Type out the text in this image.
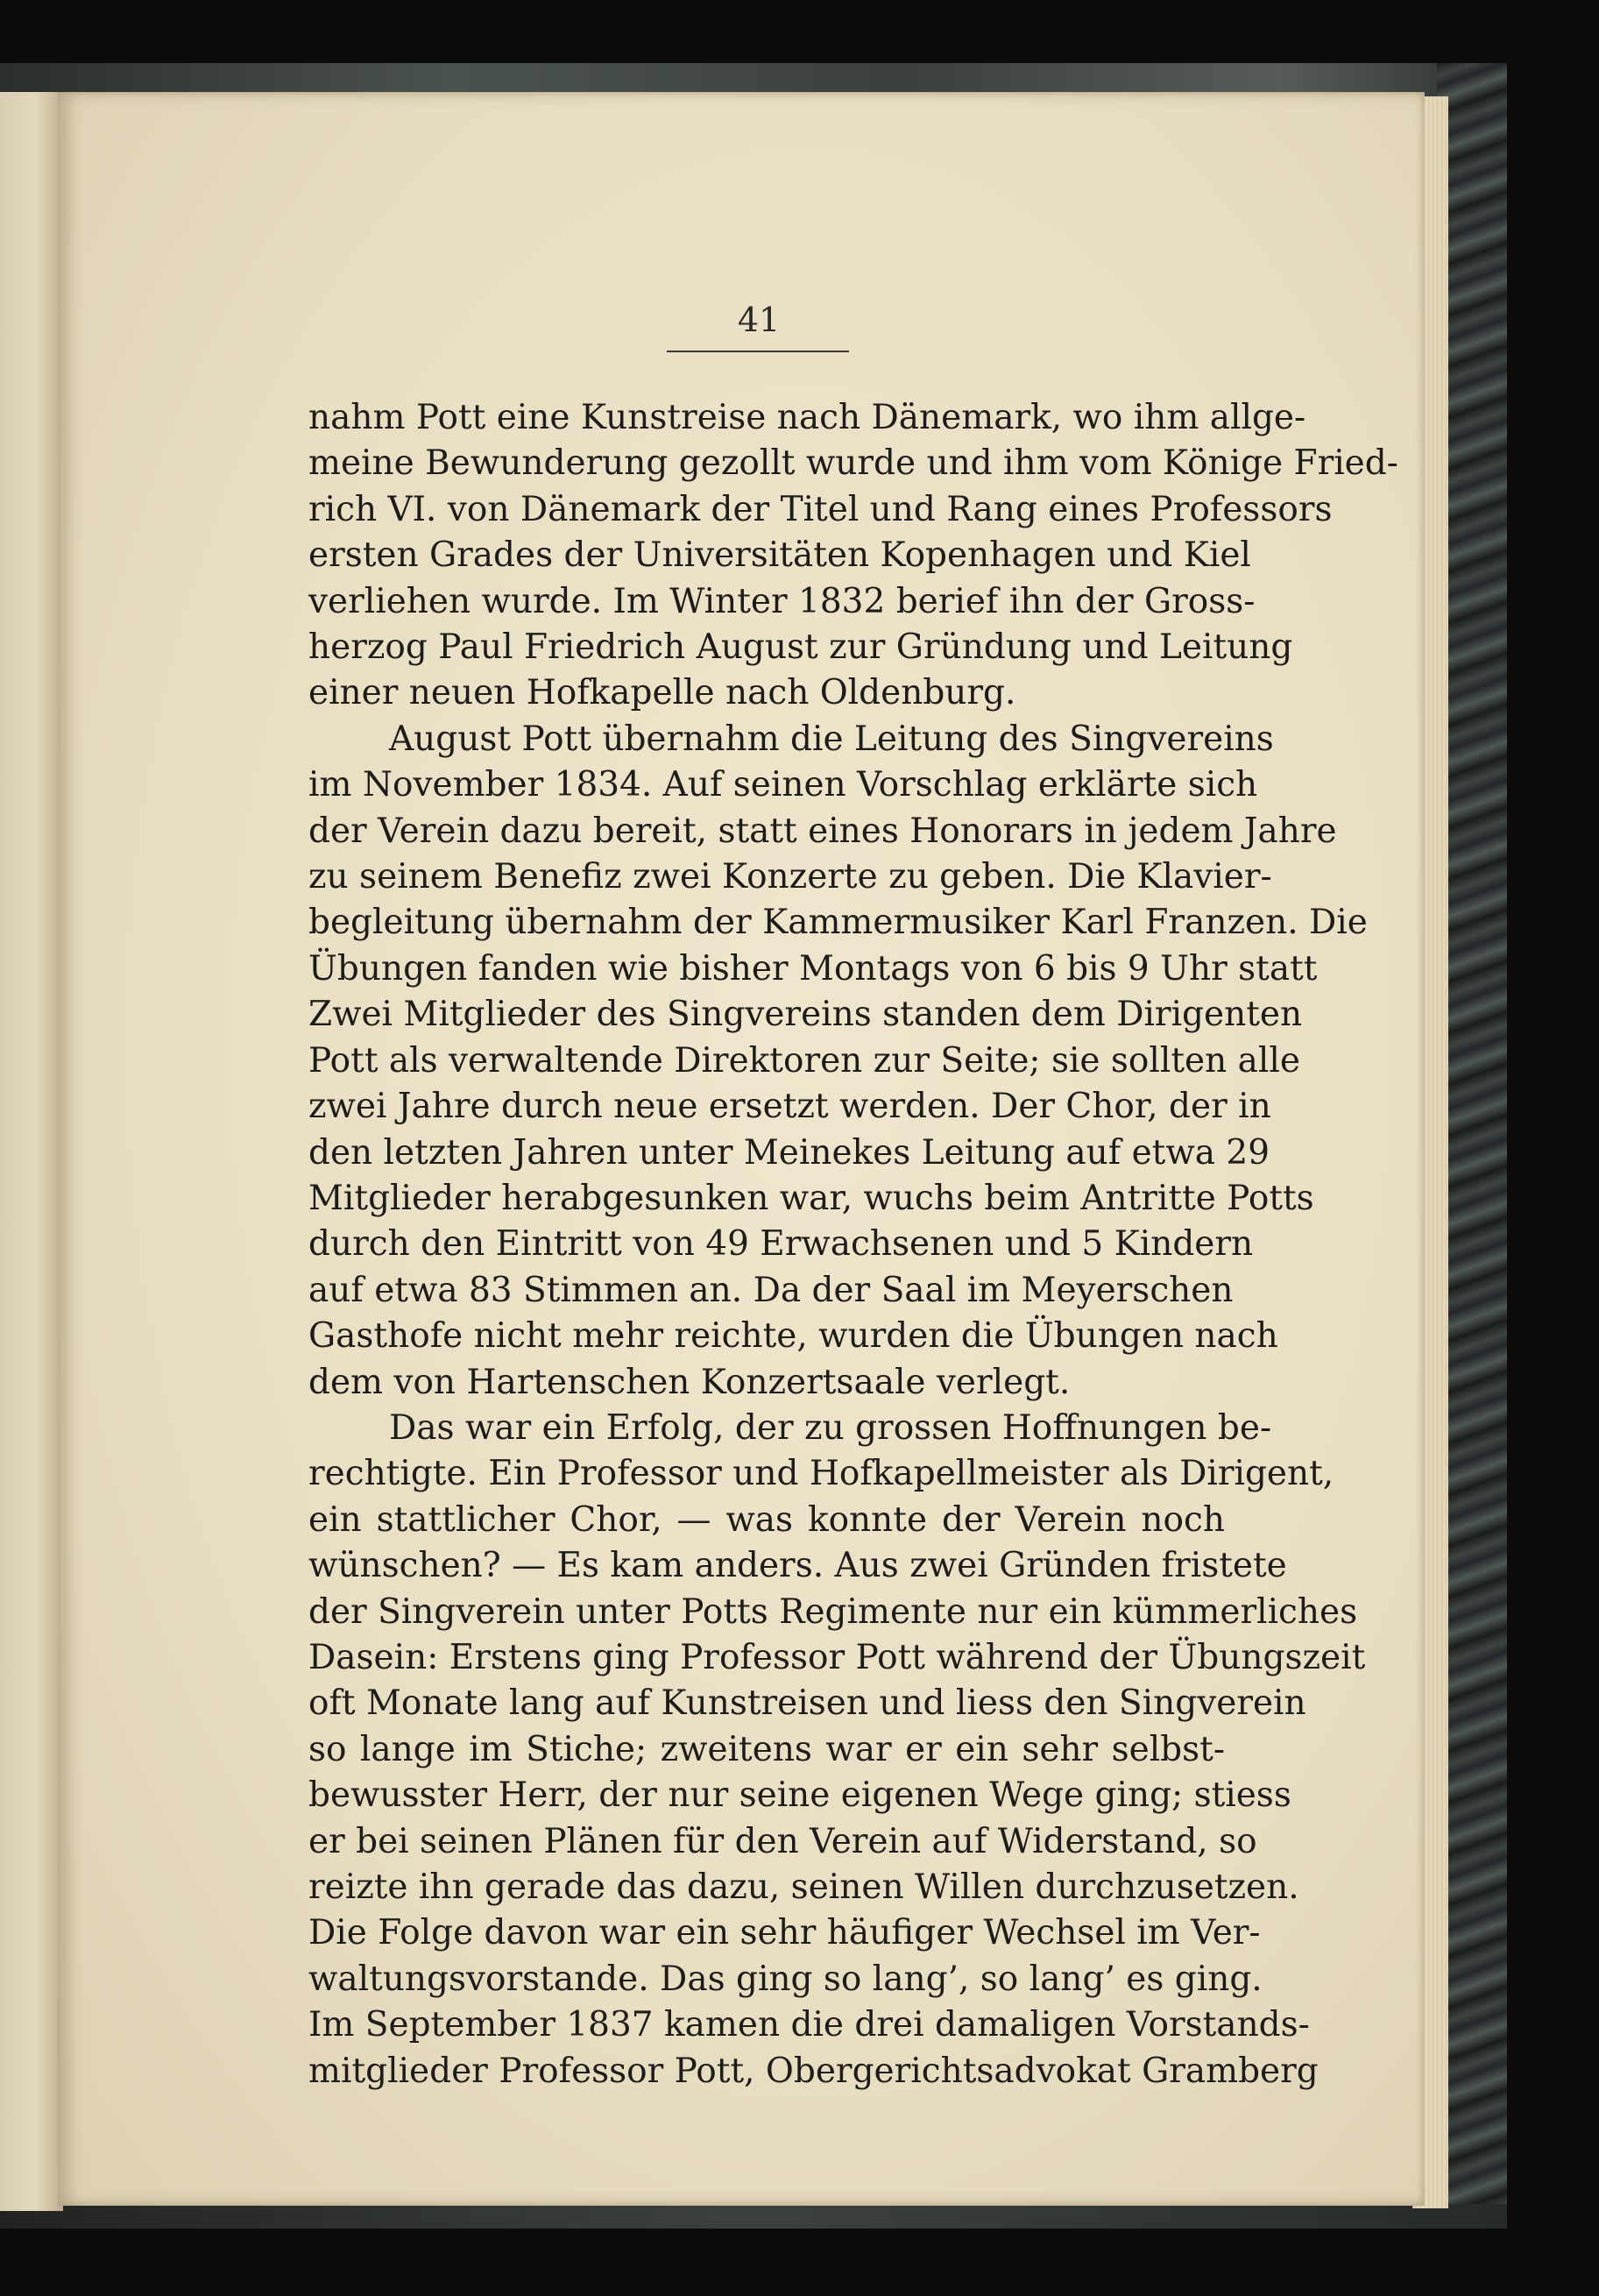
41
nahm Pott eine Kunstreise nach Dänemark, wo ihm allge-
meine Bewunderung gezollt wurde und ihm vom Könige Fried-
rich VI. von Dänemark der Titel und Rang eines Professors
ersten Grades der Universitäten Kopenhagen und Kiel
verliehen wurde. Im Winter 1832 berief ihn der Gross-
herzog Paul Friedrich August zur Gründung und Leitung
einer neuen Hofkapelle nach Oldenburg.
August Pott übernahm die Leitung des Singvereins
im November 1834. Auf seinen Vorschlag erklärte sich
der Verein dazu bereit, statt eines Honorars in jedem Jahre
zu seinem Benefiz zwei Konzerte zu geben. Die Klavier-
begleitung übernahm der Kammermusiker Karl Franzen. Die
Übungen fanden wie bisher Montags von 6 bis 9 Uhr statt
Zwei Mitglieder des Singvereins standen dem Dirigenten
Pott als verwaltende Direktoren zur Seite; sie sollten alle
zwei Jahre durch neue ersetzt werden. Der Chor, der in
den letzten Jahren unter Meinekes Leitung auf etwa 29
Mitglieder herabgesunken war, wuchs beim Antritte Potts
durch den Eintritt von 49 Erwachsenen und 5 Kindern
auf etwa 83 Stimmen an. Da der Saal im Meyerschen
Gasthofe nicht mehr reichte, wurden die Übungen nach
dem von Hartenschen Konzertsaale verlegt.
Das war ein Erfolg, der zu grossen Hoffnungen be-
rechtigte. Ein Professor und Hofkapellmeister als Dirigent,
ein stattlicher Chor, — was konnte der Verein noch
wünschen? — Es kam anders. Aus zwei Gründen fristete
der Singverein unter Potts Regimente nur ein kümmerliches
Dasein: Erstens ging Professor Pott während der Übungszeit
oft Monate lang auf Kunstreisen und liess den Singverein
so lange im Stiche; zweitens war er ein sehr selbst-
bewusster Herr, der nur seine eigenen Wege ging; stiess
er bei seinen Plänen für den Verein auf Widerstand, so
reizte ihn gerade das dazu, seinen Willen durchzusetzen.
Die Folge davon war ein sehr häufiger Wechsel im Ver-
waltungsvorstande. Das ging so lang’, so lang’ es ging.
Im September 1837 kamen die drei damaligen Vorstands-
mitglieder Professor Pott, Obergerichtsadvokat Gramberg
